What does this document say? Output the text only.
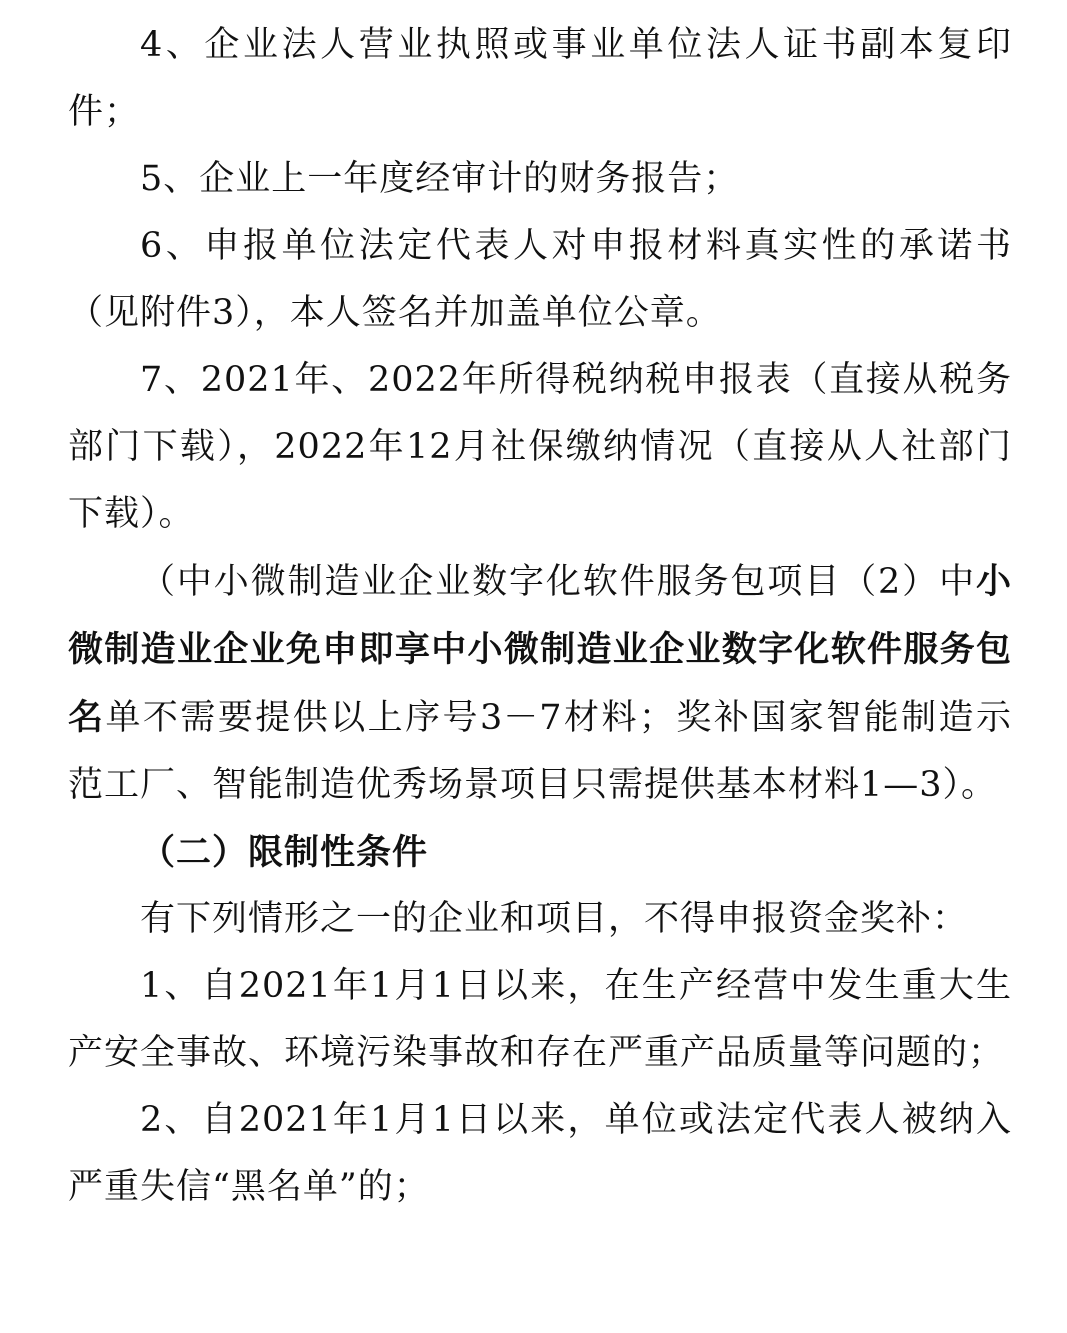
4、企业法人营业执照或事业单位法人证书副本复印件；

5、企业上一年度经审计的财务报告；

6、申报单位法定代表人对申报材料真实性的承诺书（见附件3），本人签名并加盖单位公章。

7、2021年、2022年所得税纳税申报表（直接从税务部门下载），2022年12月社保缴纳情况（直接从人社部门下载）。

（中小微制造业企业数字化软件服务包项目（2）中小微制造业企业免申即享中小微制造业企业数字化软件服务包名单不需要提供以上序号3－7材料；奖补国家智能制造示范工厂、智能制造优秀场景项目只需提供基本材料1—3）。

（二）限制性条件

有下列情形之一的企业和项目，不得申报资金奖补：

1、自2021年1月1日以来，在生产经营中发生重大生产安全事故、环境污染事故和存在严重产品质量等问题的；

2、自2021年1月1日以来，单位或法定代表人被纳入严重失信“黑名单”的；
